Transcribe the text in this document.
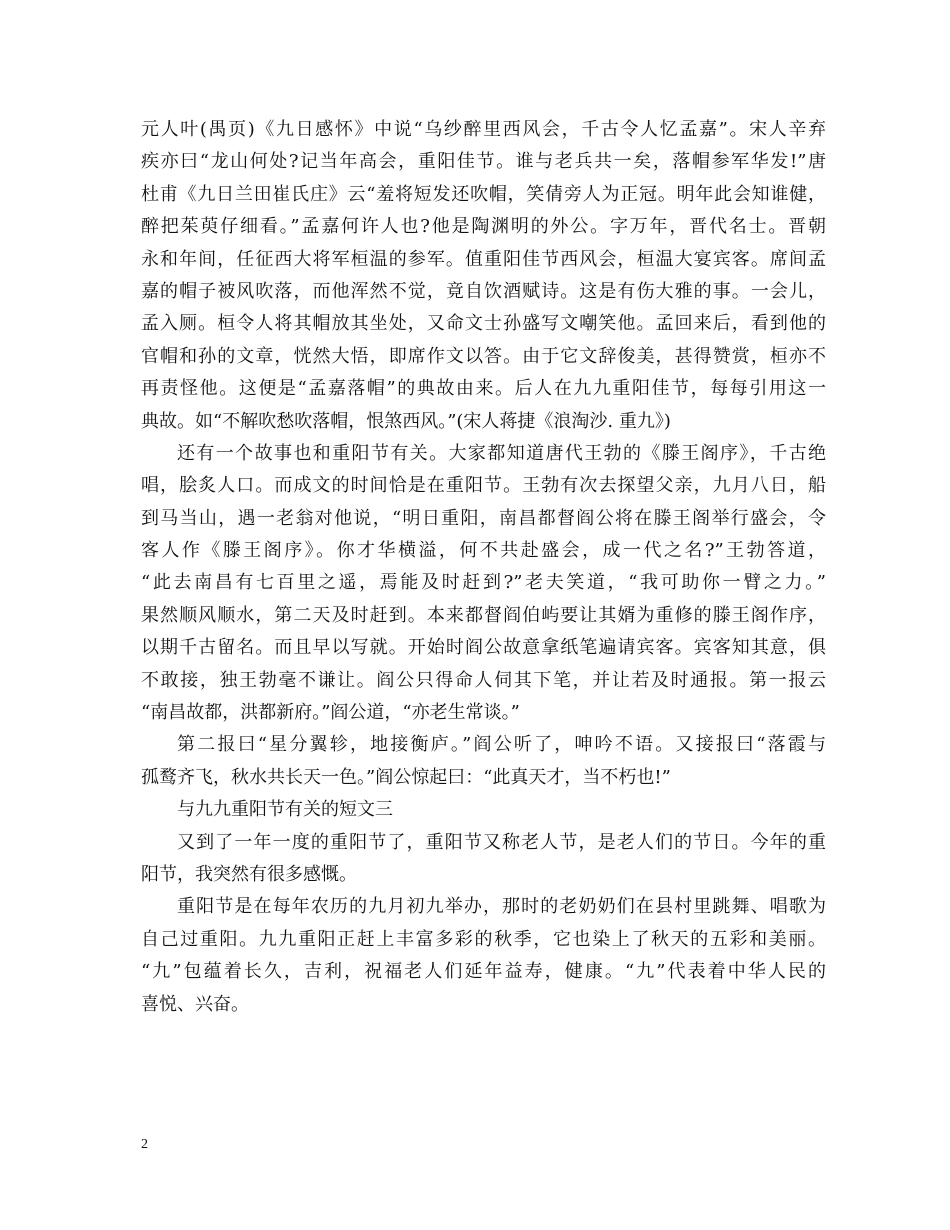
元人叶(禺页)《九日感怀》中说“乌纱醉里西风会，千古令人忆孟嘉”。宋人辛弃
疾亦曰“龙山何处?记当年高会，重阳佳节。谁与老兵共一矣，落帽参军华发!”唐
杜甫《九日兰田崔氏庄》云“羞将短发还吹帽，笑倩旁人为正冠。明年此会知谁健，
醉把茱萸仔细看。”孟嘉何许人也?他是陶渊明的外公。字万年，晋代名士。晋朝
永和年间，任征西大将军桓温的参军。值重阳佳节西风会，桓温大宴宾客。席间孟
嘉的帽子被风吹落，而他浑然不觉，竟自饮酒赋诗。这是有伤大雅的事。一会儿，
孟入厕。桓令人将其帽放其坐处，又命文士孙盛写文嘲笑他。孟回来后，看到他的
官帽和孙的文章，恍然大悟，即席作文以答。由于它文辞俊美，甚得赞赏，桓亦不
再责怪他。这便是“孟嘉落帽”的典故由来。后人在九九重阳佳节，每每引用这一
典故。如“不解吹愁吹落帽，恨煞西风。”(宋人蒋捷《浪淘沙. 重九》)
还有一个故事也和重阳节有关。大家都知道唐代王勃的《滕王阁序》，千古绝
唱，脍炙人口。而成文的时间恰是在重阳节。王勃有次去探望父亲，九月八日，船
到马当山，遇一老翁对他说，“明日重阳，南昌都督阎公将在滕王阁举行盛会，令
客人作《滕王阁序》。你才华横溢，何不共赴盛会，成一代之名?”王勃答道，
“此去南昌有七百里之遥，焉能及时赶到?”老夫笑道，“我可助你一臂之力。”
果然顺风顺水，第二天及时赶到。本来都督阎伯屿要让其婿为重修的滕王阁作序，
以期千古留名。而且早以写就。开始时阎公故意拿纸笔遍请宾客。宾客知其意，俱
不敢接，独王勃毫不谦让。阎公只得命人伺其下笔，并让若及时通报。第一报云
“南昌故都，洪都新府。”阎公道，“亦老生常谈。”
第二报曰“星分翼轸，地接衡庐。”阎公听了，呻吟不语。又接报曰“落霞与
孤鹜齐飞，秋水共长天一色。”阎公惊起曰：“此真天才，当不朽也!”
与九九重阳节有关的短文三
又到了一年一度的重阳节了，重阳节又称老人节，是老人们的节日。今年的重
阳节，我突然有很多感慨。
重阳节是在每年农历的九月初九举办，那时的老奶奶们在县村里跳舞、唱歌为
自己过重阳。九九重阳正赶上丰富多彩的秋季，它也染上了秋天的五彩和美丽。
“九”包蕴着长久，吉利，祝福老人们延年益寿，健康。“九”代表着中华人民的
喜悦、兴奋。
2
